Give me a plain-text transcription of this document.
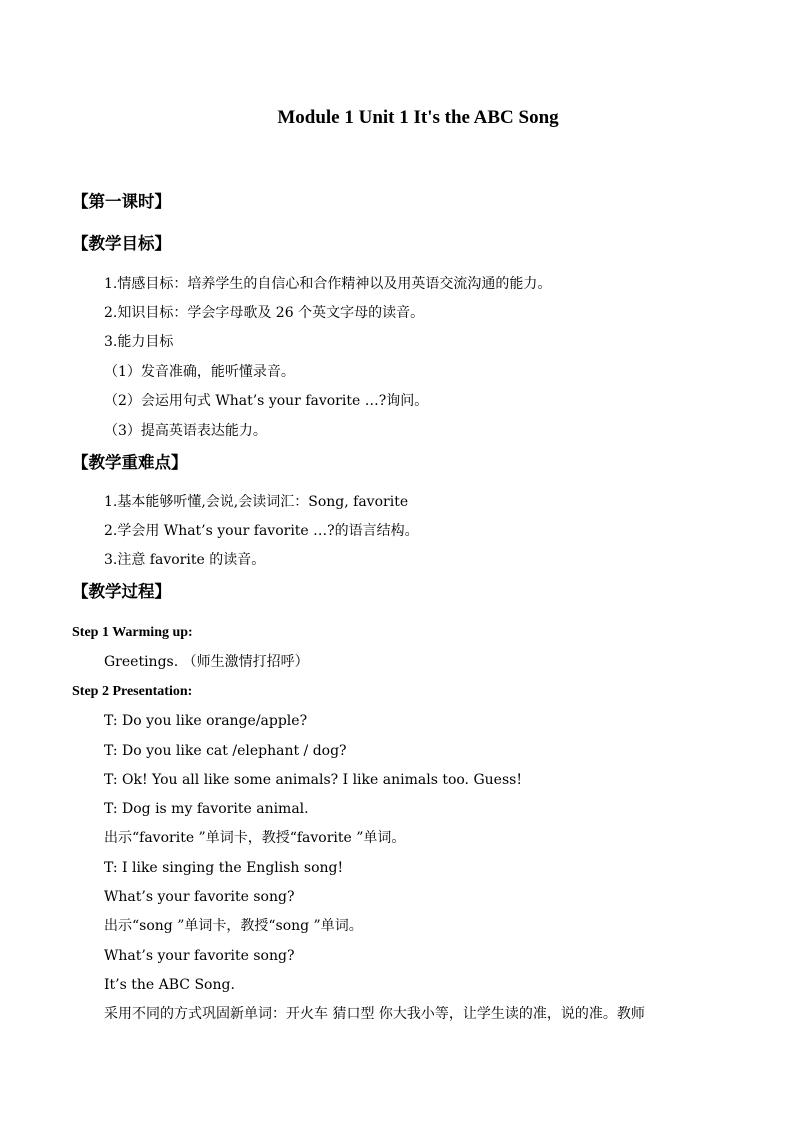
Module 1 Unit 1 It's the ABC Song
【第一课时】
【教学目标】
1.情感目标：培养学生的自信心和合作精神以及用英语交流沟通的能力。
2.知识目标：学会字母歌及 26 个英文字母的读音。
3.能力目标
（1）发音准确，能听懂录音。
（2）会运用句式 What’s your favorite …?询问。
（3）提高英语表达能力。
【教学重难点】
1.基本能够听懂,会说,会读词汇：Song, favorite
2.学会用 What’s your favorite …?的语言结构。
3.注意 favorite 的读音。
【教学过程】
Step 1 Warming up:
Greetings. （师生激情打招呼）
Step 2 Presentation:
T: Do you like orange/apple?
T: Do you like cat /elephant / dog?
T: Ok! You all like some animals? I like animals too. Guess!
T: Dog is my favorite animal.
出示“favorite ”单词卡，教授“favorite ”单词。
T: I like singing the English song!
What’s your favorite song?
出示“song ”单词卡，教授“song ”单词。
What’s your favorite song?
It’s the ABC Song.
采用不同的方式巩固新单词：开火车 猜口型 你大我小等，让学生读的准，说的准。教师
